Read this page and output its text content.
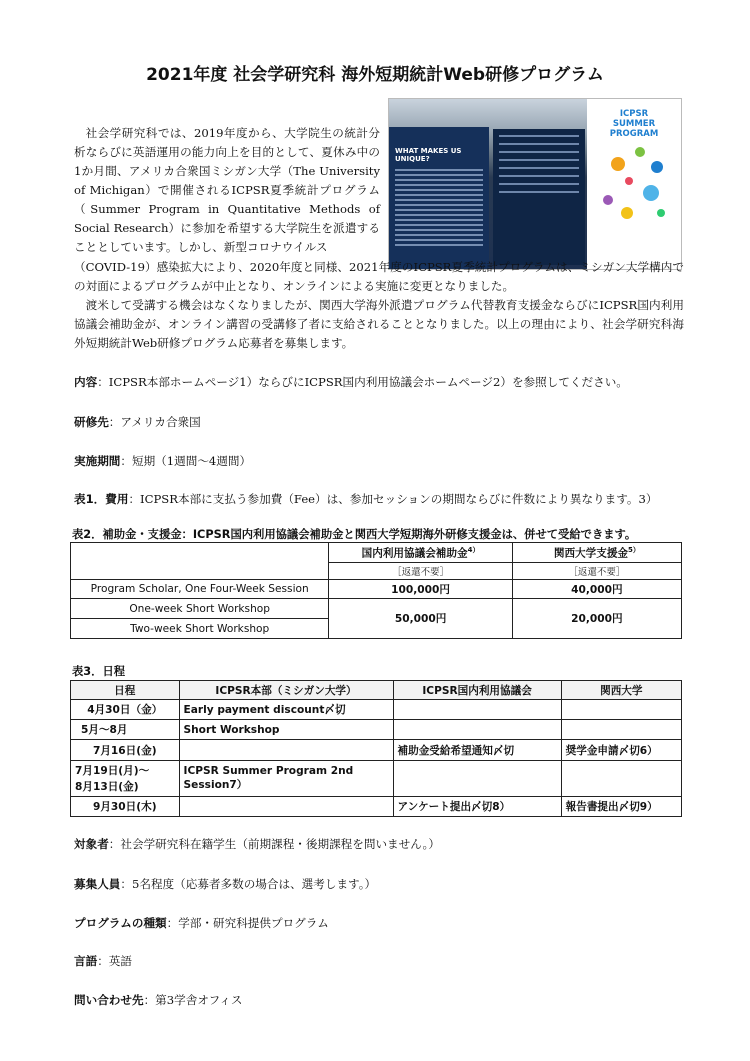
2021年度 社会学研究科 海外短期統計Web研修プログラム
WHAT MAKES US UNIQUE?
ICPSR SUMMER PROGRAM
社会学研究科では、2019年度から、大学院生の統計分析ならびに英語運用の能力向上を目的として、夏休み中の1か月間、アメリカ合衆国ミシガン大学（The University of Michigan）で開催されるICPSR夏季統計プログラム（Summer Program in Quantitative Methods of Social Research）に参加を希望する大学院生を派遣することとしています。しかし、新型コロナウイルス
（COVID-19）感染拡大により、2020年度と同様、2021年度のICPSR夏季統計プログラムは、ミシガン大学構内での対面によるプログラムが中止となり、オンラインによる実施に変更となりました。
渡米して受講する機会はなくなりましたが、関西大学海外派遣プログラム代替教育支援金ならびにICPSR国内利用協議会補助金が、オンライン講習の受講修了者に支給されることとなりました。以上の理由により、社会学研究科海外短期統計Web研修プログラム応募者を募集します。
内容：ICPSR本部ホームページ1）ならびにICPSR国内利用協議会ホームページ2）を参照してください。
研修先：アメリカ合衆国
実施期間：短期（1週間〜4週間）
表1．費用：ICPSR本部に支払う参加費（Fee）は、参加セッションの期間ならびに件数により異なります。3）
表2．補助金・支援金：ICPSR国内利用協議会補助金と関西大学短期海外研修支援金は、併せて受給できます。
	国内利用協議会補助金$^{4)}$	関西大学支援金$^{5)}$
	［返還不要］	［返還不要］
Program Scholar, One Four-Week Session	100,000円	40,000円
One-week Short Workshop	50,000円	20,000円
Two-week Short Workshop		
表3．日程
日程	ICPSR本部（ミシガン大学）	ICPSR国内利用協議会	関西大学
4月30日（金）	Early payment discount〆切		
5月〜8月	Short Workshop		
7月16日(金)		補助金受給希望通知〆切	奨学金申請〆切6）

7月19日(月)〜
8月13日(金)	ICPSR Summer Program 2nd Session7）		
9月30日(木)		アンケート提出〆切8）	報告書提出〆切9）
対象者：社会学研究科在籍学生（前期課程・後期課程を問いません。）
募集人員：5名程度（応募者多数の場合は、選考します。）
プログラムの種類：学部・研究科提供プログラム
言語：英語
問い合わせ先：第3学舎オフィス
